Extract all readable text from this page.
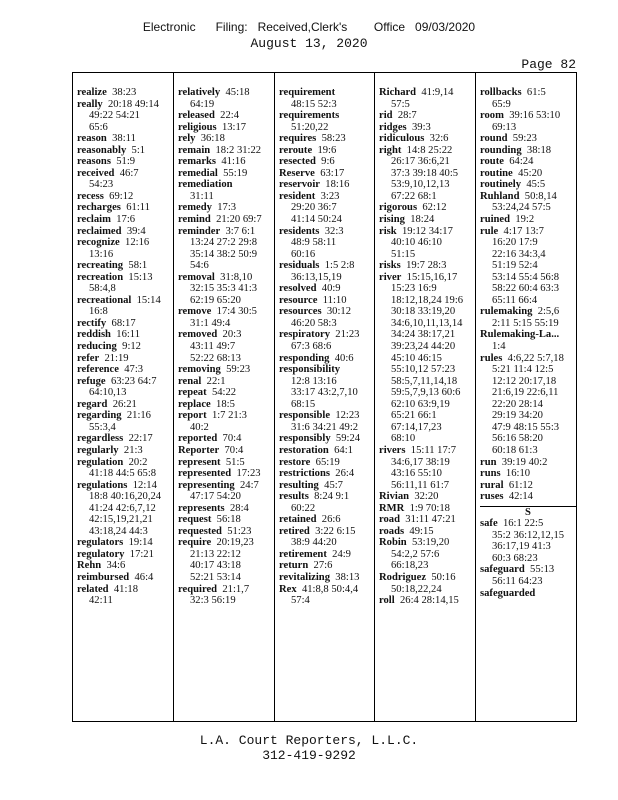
Electronic      Filing:   Received,Clerk's        Office   09/03/2020
August 13, 2020
Page 82
realize 38:23
really 20:18 49:14
49:22 54:21
65:6
reason 38:11
reasonably 5:1
reasons 51:9
received 46:7
54:23
recess 69:12
recharges 61:11
reclaim 17:6
reclaimed 39:4
recognize 12:16
13:16
recreating 58:1
recreation 15:13
58:4,8
recreational 15:14
16:8
rectify 68:17
reddish 16:11
reducing 9:12
refer 21:19
reference 47:3
refuge 63:23 64:7
64:10,13
regard 26:21
regarding 21:16
55:3,4
regardless 22:17
regularly 21:3
regulation 20:2
41:18 44:5 65:8
regulations 12:14
18:8 40:16,20,24
41:24 42:6,7,12
42:15,19,21,21
43:18,24 44:3
regulators 19:14
regulatory 17:21
Rehn 34:6
reimbursed 46:4
related 41:18
42:11
relatively 45:18
64:19
released 22:4
religious 13:17
rely 36:18
remain 18:2 31:22
remarks 41:16
remedial 55:19
remediation
31:11
remedy 17:3
remind 21:20 69:7
reminder 3:7 6:1
13:24 27:2 29:8
35:14 38:2 50:9
54:6
removal 31:8,10
32:15 35:3 41:3
62:19 65:20
remove 17:4 30:5
31:1 49:4
removed 20:3
43:11 49:7
52:22 68:13
removing 59:23
renal 22:1
repeat 54:22
replace 18:5
report 1:7 21:3
40:2
reported 70:4
Reporter 70:4
represent 51:5
represented 17:23
representing 24:7
47:17 54:20
represents 28:4
request 56:18
requested 51:23
require 20:19,23
21:13 22:12
40:17 43:18
52:21 53:14
required 21:1,7
32:3 56:19
requirement
48:15 52:3
requirements
51:20,22
requires 58:23
reroute 19:6
resected 9:6
Reserve 63:17
reservoir 18:16
resident 3:23
29:20 36:7
41:14 50:24
residents 32:3
48:9 58:11
60:16
residuals 1:5 2:8
36:13,15,19
resolved 40:9
resource 11:10
resources 30:12
46:20 58:3
respiratory 21:23
67:3 68:6
responding 40:6
responsibility
12:8 13:16
33:17 43:2,7,10
68:15
responsible 12:23
31:6 34:21 49:2
responsibly 59:24
restoration 64:1
restore 65:19
restrictions 26:4
resulting 45:7
results 8:24 9:1
60:22
retained 26:6
retired 3:22 6:15
38:9 44:20
retirement 24:9
return 27:6
revitalizing 38:13
Rex 41:8,8 50:4,4
57:4
Richard 41:9,14
57:5
rid 28:7
ridges 39:3
ridiculous 32:6
right 14:8 25:22
26:17 36:6,21
37:3 39:18 40:5
53:9,10,12,13
67:22 68:1
rigorous 62:12
rising 18:24
risk 19:12 34:17
40:10 46:10
51:15
risks 19:7 28:3
river 15:15,16,17
15:23 16:9
18:12,18,24 19:6
30:18 33:19,20
34:6,10,11,13,14
34:24 38:17,21
39:23,24 44:20
45:10 46:15
55:10,12 57:23
58:5,7,11,14,18
59:5,7,9,13 60:6
62:10 63:9,19
65:21 66:1
67:14,17,23
68:10
rivers 15:11 17:7
34:6,17 38:19
43:16 55:10
56:11,11 61:7
Rivian 32:20
RMR 1:9 70:18
road 31:11 47:21
roads 49:15
Robin 53:19,20
54:2,2 57:6
66:18,23
Rodriguez 50:16
50:18,22,24
roll 26:4 28:14,15
rollbacks 61:5
65:9
room 39:16 53:10
69:13
round 59:23
rounding 38:18
route 64:24
routine 45:20
routinely 45:5
Ruhland 50:8,14
53:24,24 57:5
ruined 19:2
rule 4:17 13:7
16:20 17:9
22:16 34:3,4
51:19 52:4
53:14 55:4 56:8
58:22 60:4 63:3
65:11 66:4
rulemaking 2:5,6
2:11 5:15 55:19
Rulemaking-La...
1:4
rules 4:6,22 5:7,18
5:21 11:4 12:5
12:12 20:17,18
21:6,19 22:6,11
22:20 28:14
29:19 34:20
47:9 48:15 55:3
56:16 58:20
60:18 61:3
run 39:19 40:2
runs 16:10
rural 61:12
ruses 42:14
S
safe 16:1 22:5
35:2 36:12,12,15
36:17,19 41:3
60:3 68:23
safeguard 55:13
56:11 64:23
safeguarded
L.A. Court Reporters, L.L.C.
312-419-9292
